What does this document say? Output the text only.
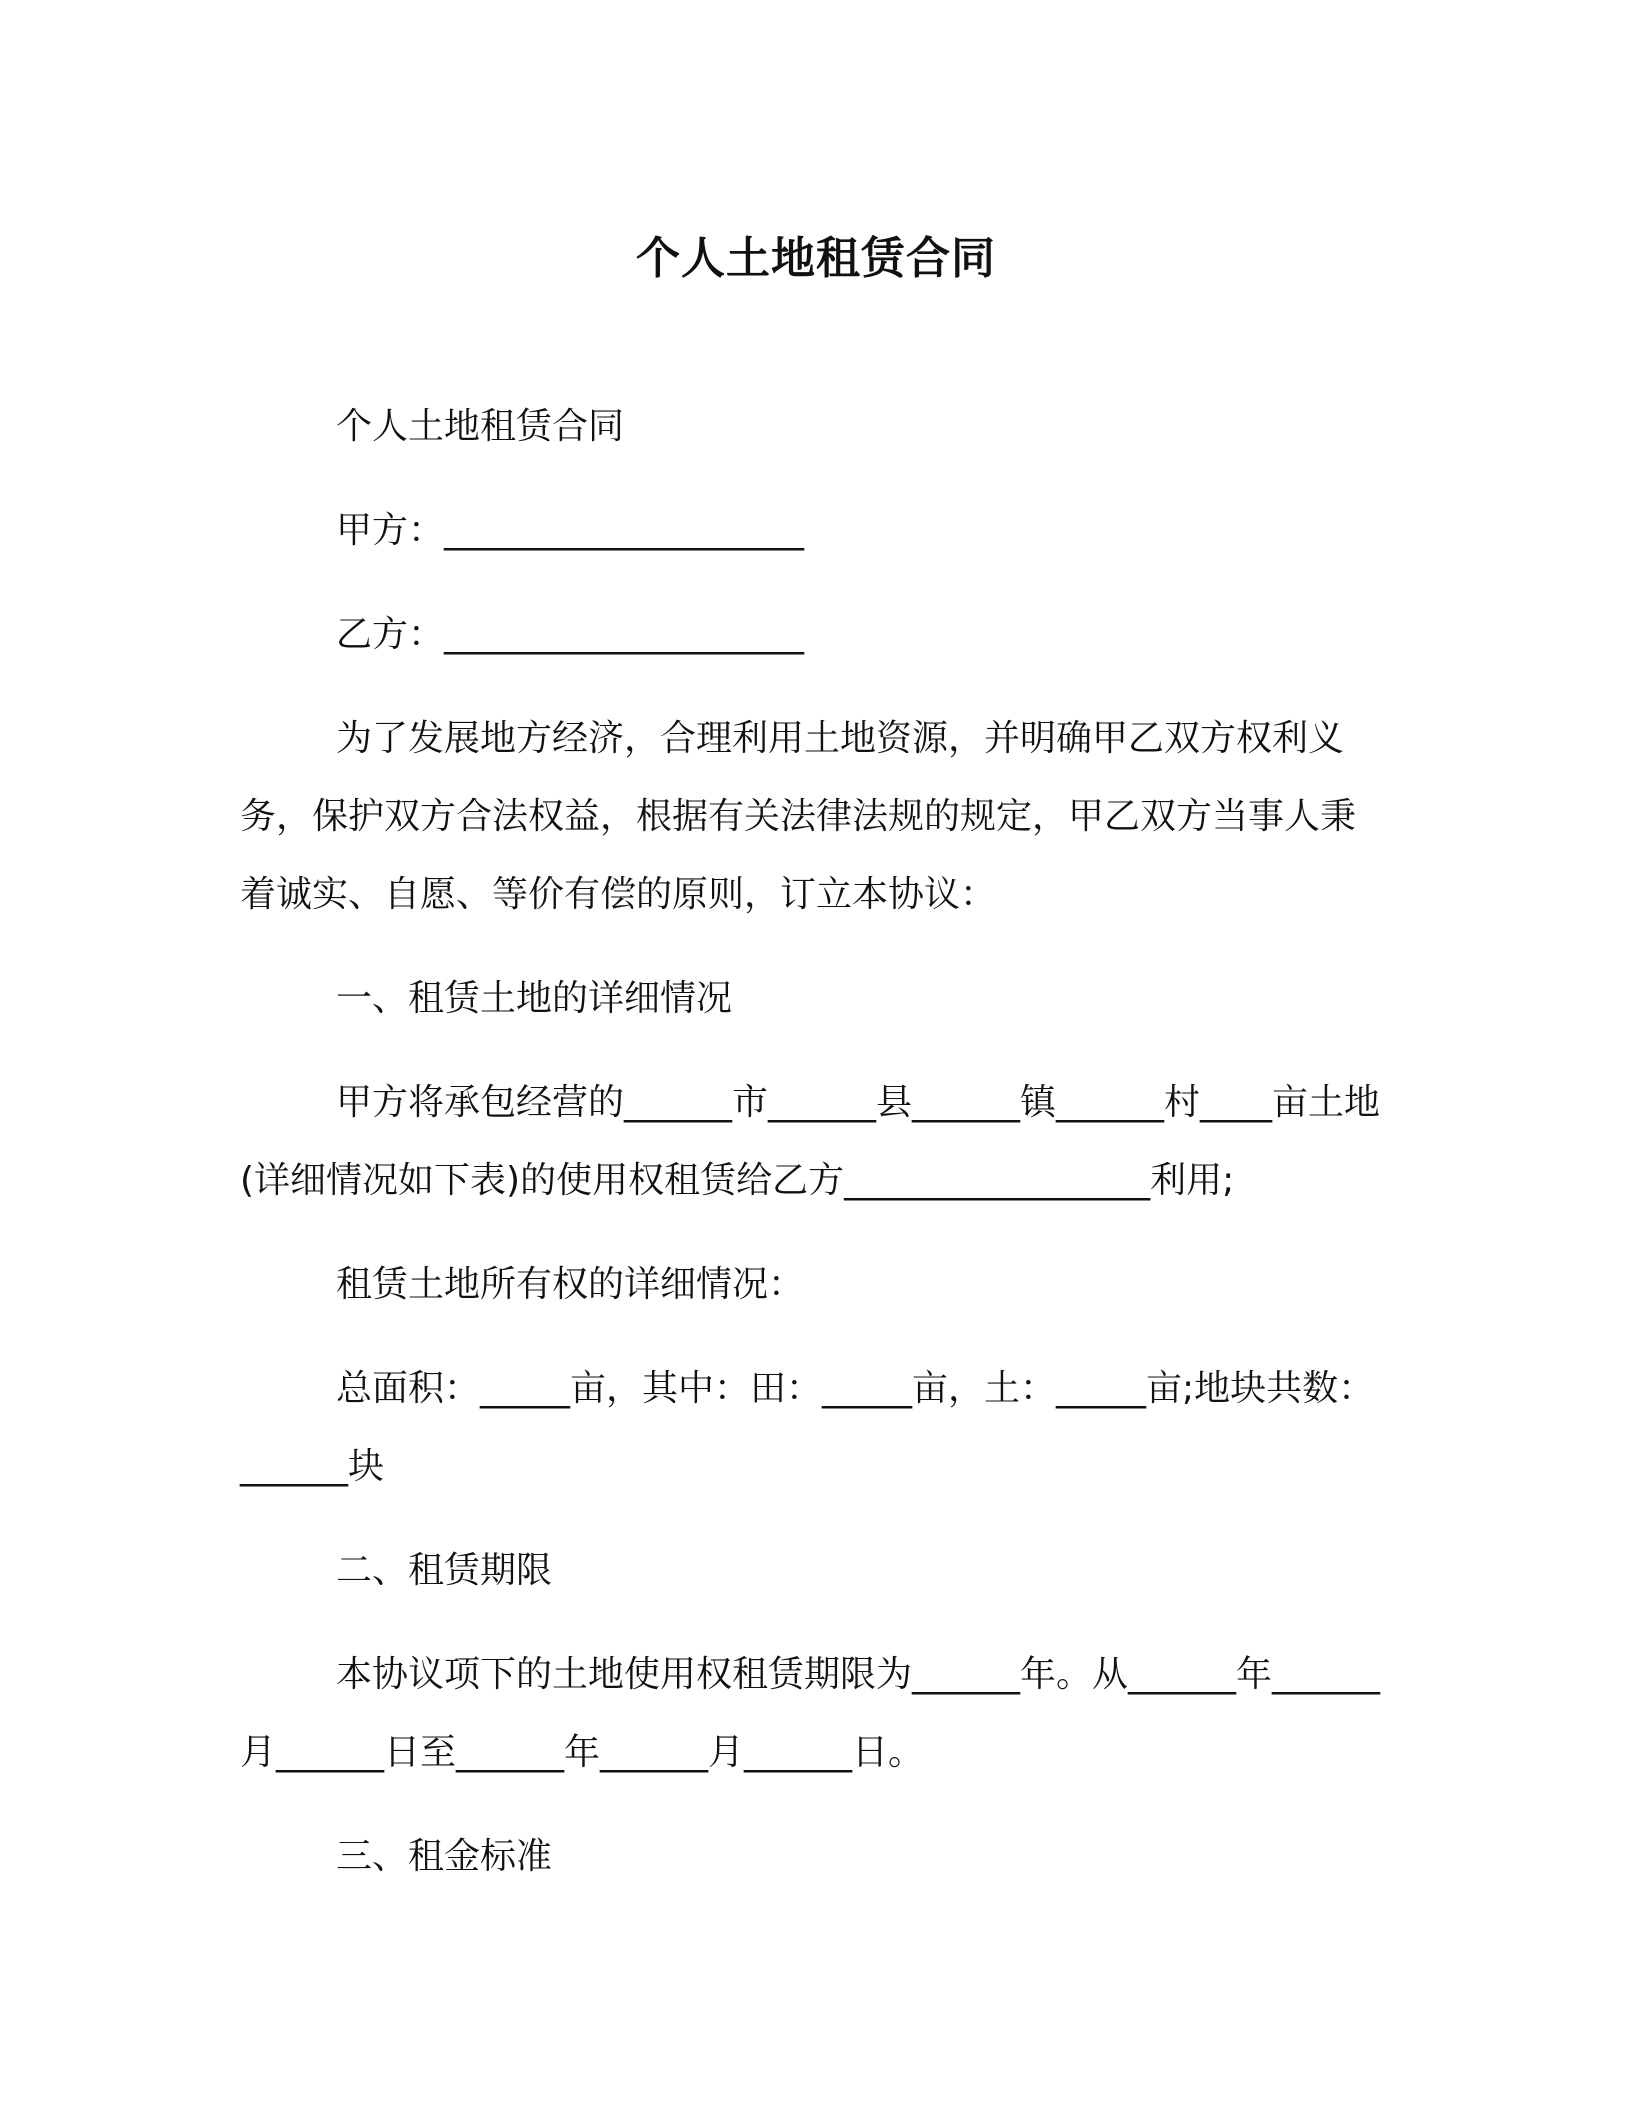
个人土地租赁合同

个人土地租赁合同

甲方：____________________

乙方：____________________

为了发展地方经济，合理利用土地资源，并明确甲乙双方权利义务，保护双方合法权益，根据有关法律法规的规定，甲乙双方当事人秉着诚实、自愿、等价有偿的原则，订立本协议：

一、租赁土地的详细情况

甲方将承包经营的______市______县______镇______村____亩土地(详细情况如下表)的使用权租赁给乙方_________________利用;

租赁土地所有权的详细情况：

总面积：_____亩，其中：田：_____亩，土：_____亩;地块共数：______块

二、租赁期限

本协议项下的土地使用权租赁期限为______年。从______年______月______日至______年______月______日。

三、租金标准
